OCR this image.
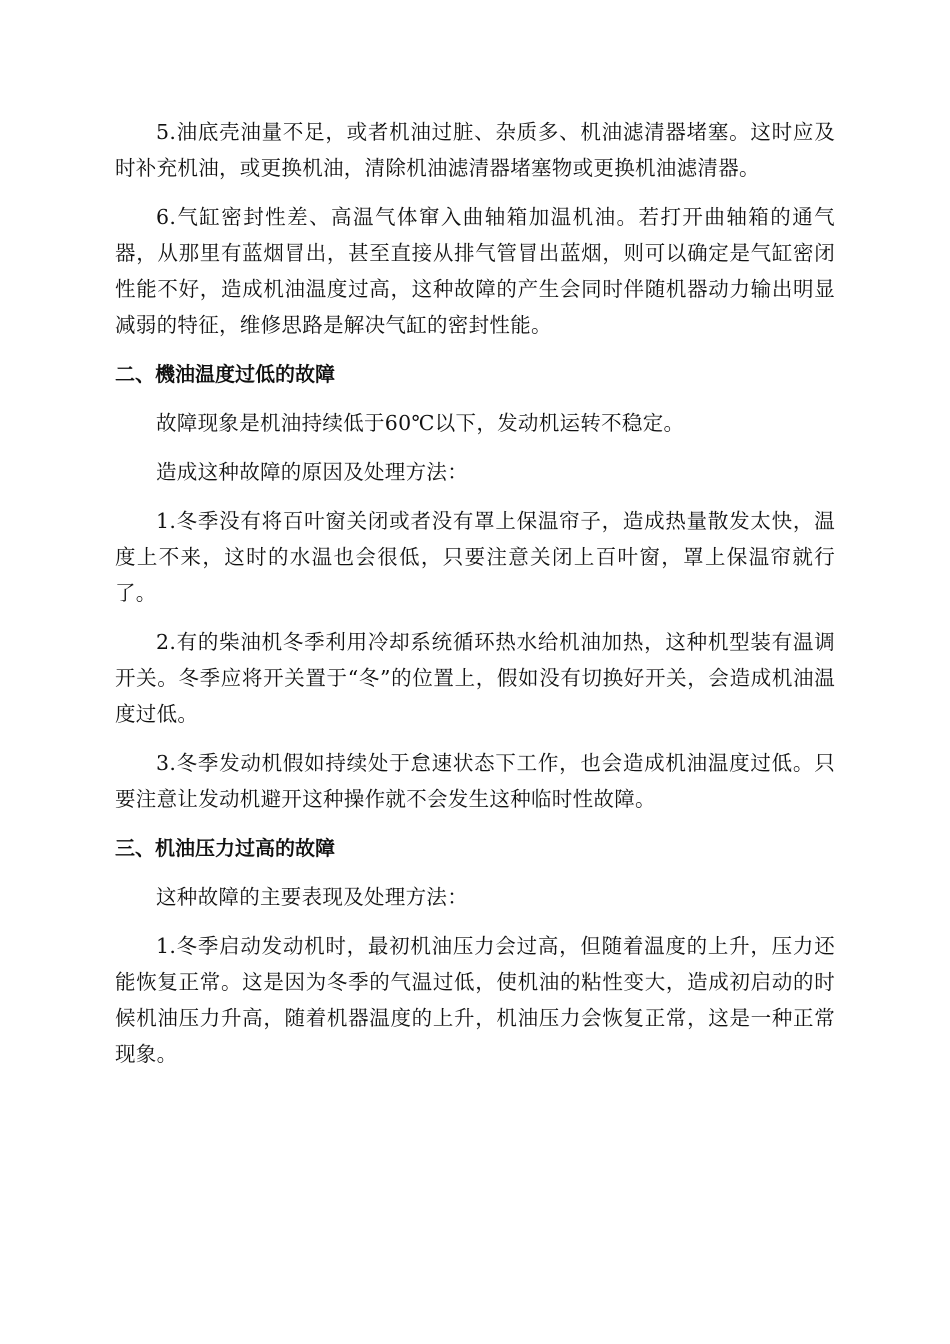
5.油底壳油量不足，或者机油过脏、杂质多、机油滤清器堵塞。这时应及时补充机油，或更换机油，清除机油滤清器堵塞物或更换机油滤清器。

6.气缸密封性差、高温气体窜入曲轴箱加温机油。若打开曲轴箱的通气器，从那里有蓝烟冒出，甚至直接从排气管冒出蓝烟，则可以确定是气缸密闭性能不好，造成机油温度过高，这种故障的产生会同时伴随机器动力输出明显减弱的特征，维修思路是解决气缸的密封性能。

二、機油温度过低的故障

故障现象是机油持续低于60℃以下，发动机运转不稳定。

造成这种故障的原因及处理方法：

1.冬季没有将百叶窗关闭或者没有罩上保温帘子，造成热量散发太快，温度上不来，这时的水温也会很低，只要注意关闭上百叶窗，罩上保温帘就行了。

2.有的柴油机冬季利用冷却系统循环热水给机油加热，这种机型装有温调开关。冬季应将开关置于“冬”的位置上，假如没有切换好开关，会造成机油温度过低。

3.冬季发动机假如持续处于怠速状态下工作，也会造成机油温度过低。只要注意让发动机避开这种操作就不会发生这种临时性故障。

三、机油压力过高的故障

这种故障的主要表现及处理方法：

1.冬季启动发动机时，最初机油压力会过高，但随着温度的上升，压力还能恢复正常。这是因为冬季的气温过低，使机油的粘性变大，造成初启动的时候机油压力升高，随着机器温度的上升，机油压力会恢复正常，这是一种正常现象。
